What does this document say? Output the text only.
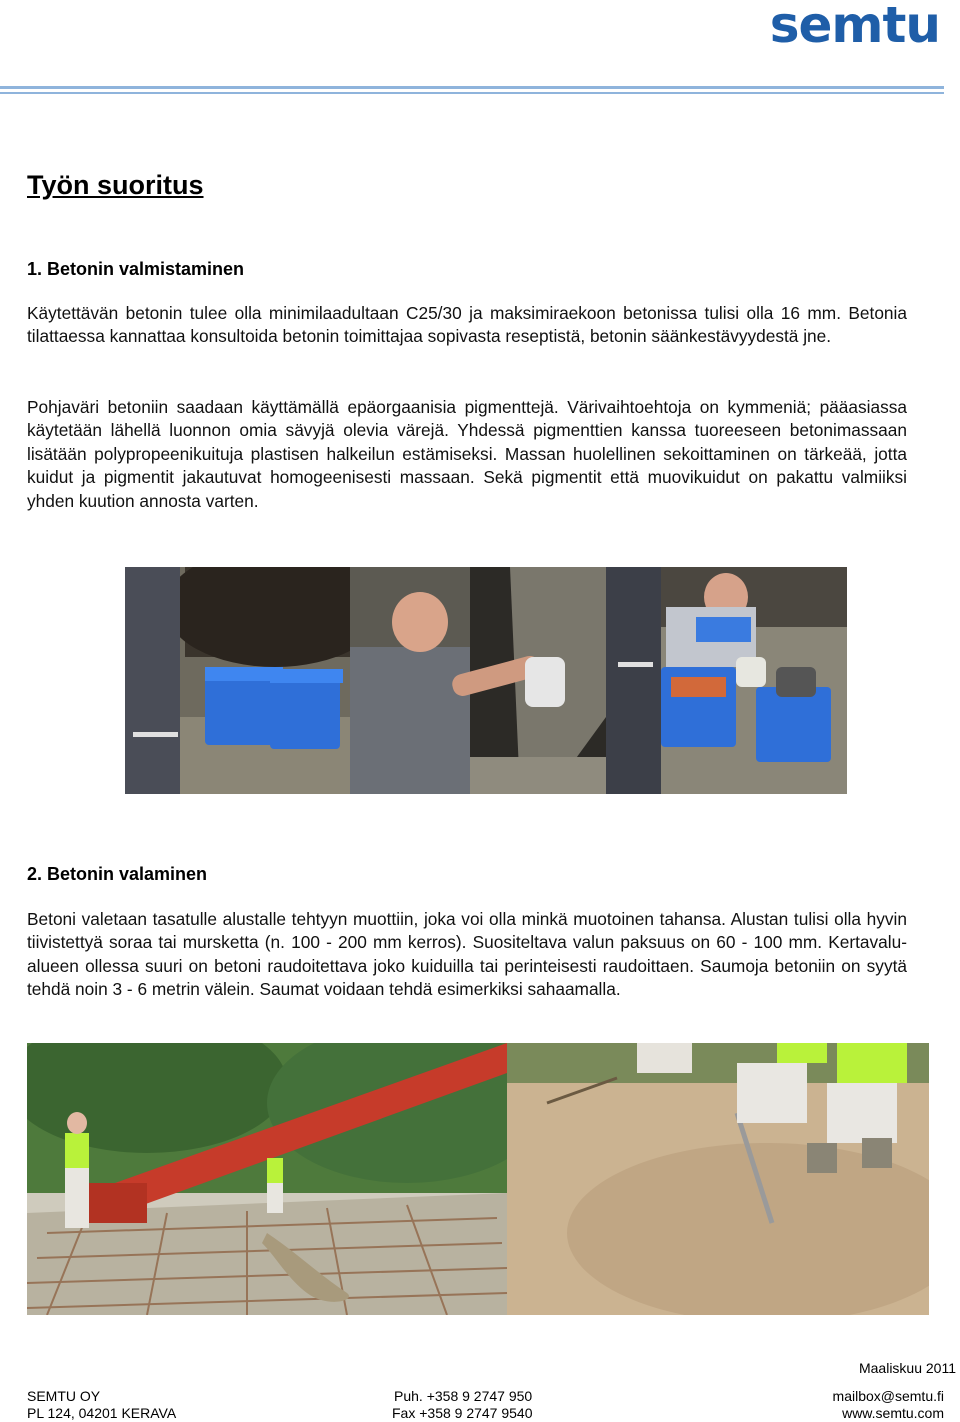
semtu
Työn suoritus
1. Betonin valmistaminen

Käytettävän betonin tulee olla minimilaadultaan C25/30 ja maksimiraekoon betonissa tulisi olla 16 mm. Betonia tilattaessa kannattaa konsultoida betonin toimittajaa sopivasta reseptistä, betonin säänkestävyydestä jne.

Pohjaväri betoniin saadaan käyttämällä epäorgaanisia pigmenttejä. Värivaihtoehtoja on kymmeniä; pääasiassa käytetään lähellä luonnon omia sävyjä olevia värejä. Yhdessä pigmenttien kanssa tuoreeseen betonimassaan lisätään polypropeenikuituja plastisen halkeilun estämiseksi. Massan huolellinen sekoittaminen on tärkeää, jotta kuidut ja pigmentit jakautuvat homogeenisesti massaan. Sekä pigmentit että muovikuidut on pakattu valmiiksi yhden kuution annosta varten.

2. Betonin valaminen

Betoni valetaan tasatulle alustalle tehtyyn muottiin, joka voi olla minkä muotoinen tahansa. Alustan tulisi olla hyvin tiivistettyä soraa tai mursketta (n. 100 - 200 mm kerros). Suositeltava valun paksuus on 60 - 100 mm. Kertavalu-alueen ollessa suuri on betoni raudoitettava joko kuiduilla tai perinteisesti raudoittaen. Saumoja betoniin on syytä tehdä noin 3 - 6 metrin välein. Saumat voidaan tehdä esimerkiksi sahaamalla.

Maaliskuu 2011
SEMTU OY
PL 124, 04201 KERAVA
Puh. +358 9 2747 950
Fax +358 9 2747 9540
mailbox@semtu.fi
www.semtu.com
